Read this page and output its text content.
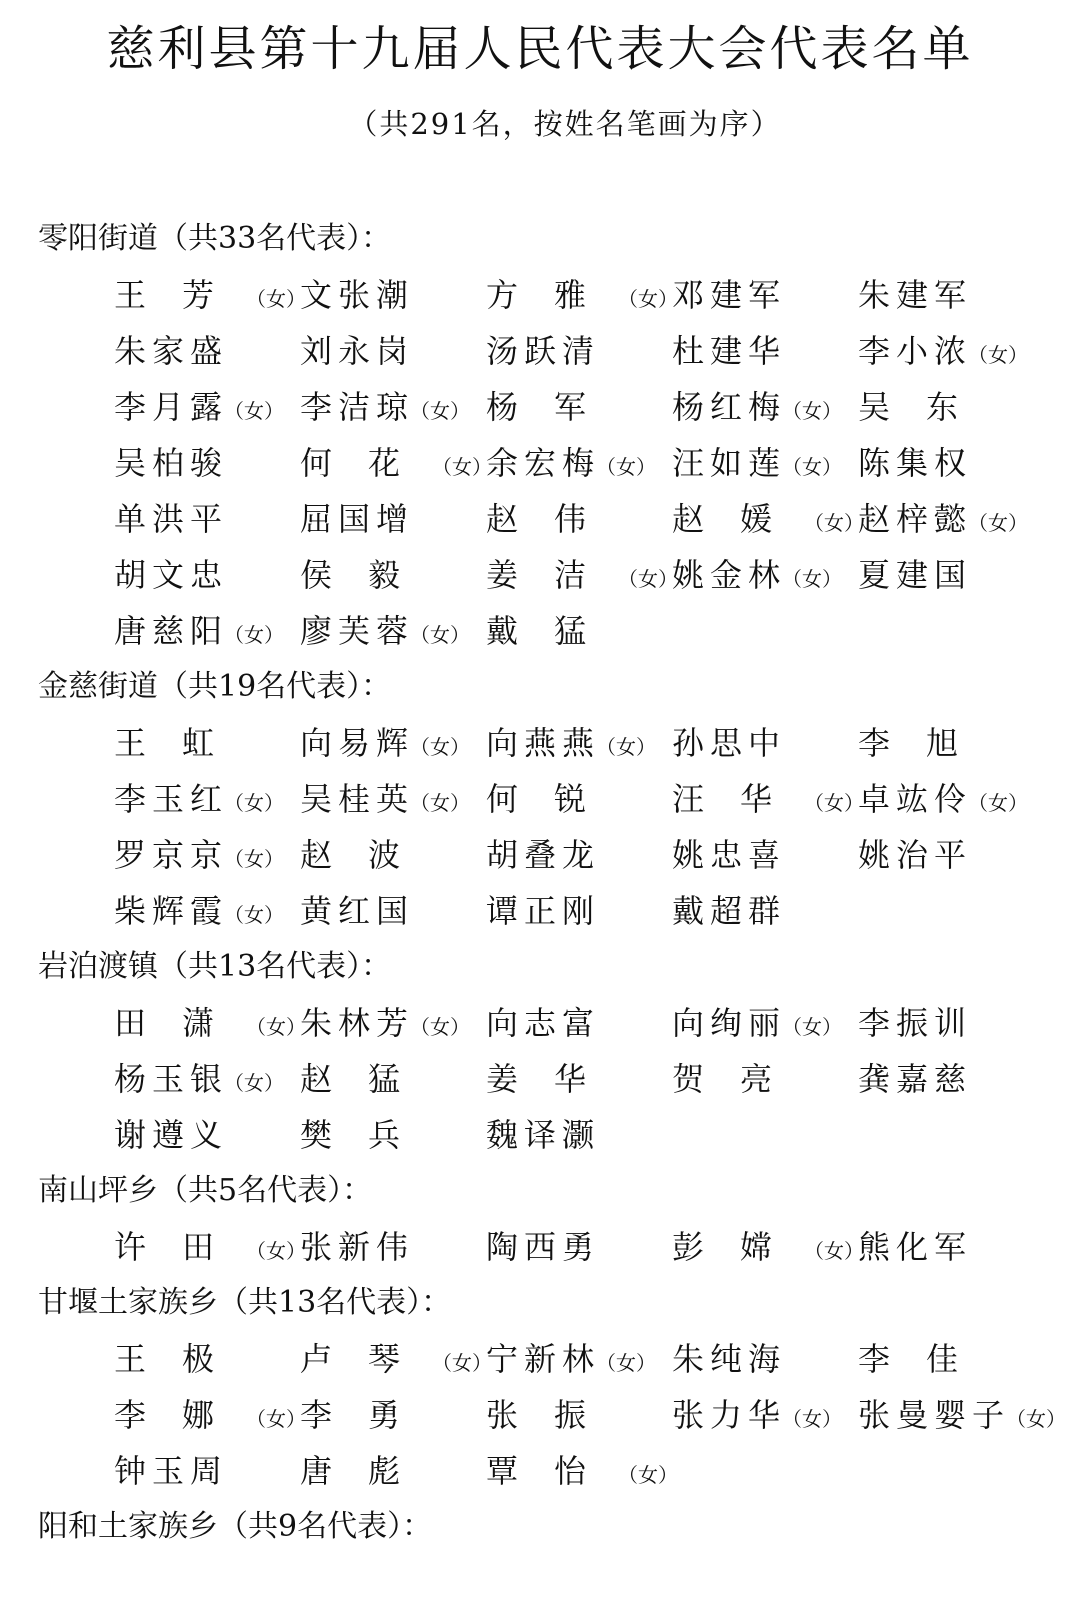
慈利县第十九届人民代表大会代表名单
（共291名，按姓名笔画为序）
零阳街道（共33名代表）：
王芳（女）
文张潮 方雅（女）
邓建军 朱建军
朱家盛 刘永岗 汤跃清 杜建华 李小浓（女）
李月露（女） 李洁琼（女） 杨军 杨红梅（女） 吴东
吴柏骏 何花（女）
余宏梅（女） 汪如莲（女） 陈集权
单洪平 屈国增 赵伟 赵媛（女）
赵梓懿（女）
胡文忠 侯毅 姜洁（女）
姚金林（女） 夏建国
唐慈阳（女） 廖芙蓉（女） 戴猛
金慈街道（共19名代表）：
王虹 向易辉（女） 向燕燕（女） 孙思中 李旭
李玉红（女） 吴桂英（女） 何锐 汪华（女）
卓竑伶（女）
罗京京（女） 赵波 胡叠龙 姚忠喜 姚治平
柴辉霞（女） 黄红国 谭正刚 戴超群
岩泊渡镇（共13名代表）：
田潇（女）
朱林芳（女） 向志富 向绚丽（女） 李振训
杨玉银（女） 赵猛 姜华 贺亮 龚嘉慈
谢遵义 樊兵 魏译灏
南山坪乡（共5名代表）：
许田（女）
张新伟 陶西勇 彭嫦（女）
熊化军
甘堰土家族乡（共13名代表）：
王极 卢琴（女）
宁新林（女） 朱纯海 李佳
李娜（女）
李勇 张振 张力华（女） 张曼婴子（女）
钟玉周 唐彪 覃怡（女）
阳和土家族乡（共9名代表）：
